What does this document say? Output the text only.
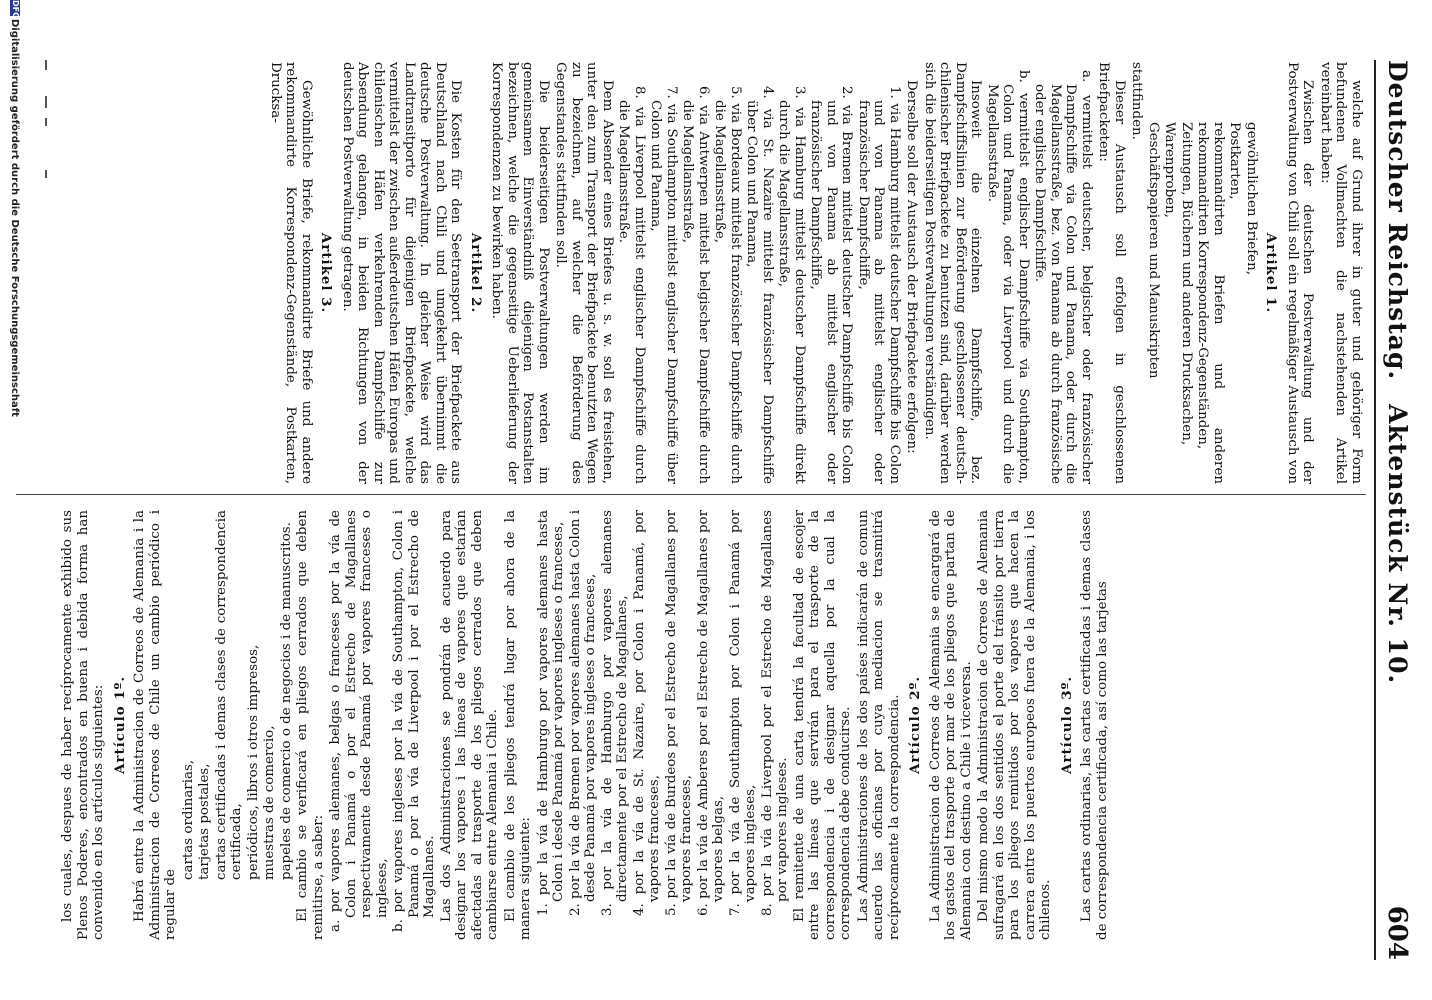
Deutscher Reichstag.Aktenstück Nr. 10.
604

welche auf Grund ihrer in guter und gehöriger Form befundenen Vollmachten die nachstehenden Artikel vereinbart haben:

Zwischen der deutschen Postverwaltung und der Postverwaltung von Chili soll ein regelmäßiger Austausch von

Artikel 1.
gewöhnlichen Briefen,
Postkarten,
rekommandirten Briefen und anderen rekommandirten Korrespondenz-Gegenständen,
Zeitungen, Büchern und anderen Drucksachen,
Warenproben,
Geschäftspapieren und Manuskripten

stattfinden.

Dieser Austausch soll erfolgen in geschlossenen Briefpacketen:

a. vermittelst deutscher, belgischer oder französischer Dampfschiffe via Colon und Panama, oder durch die Magellansstraße, bez. von Panama ab durch französische oder englische Dampfschiffe.
b. vermittelst englischer Dampfschiffe via Southampton, Colon und Panama, oder via Liverpool und durch die Magellansstraße.

Insoweit die einzelnen Dampfschiffe, bez. Dampfschiffslinien zur Beförderung geschlossener deutsch-chilenischer Briefpackete zu benutzen sind, darüber werden sich die beiderseitigen Postverwaltungen verständigen.

Derselbe soll der Austausch der Briefpackete erfolgen:

1. via Hamburg mittelst deutscher Dampfschiffe bis Colon und von Panama ab mittelst englischer oder französischer Dampfschiffe,
2. via Bremen mittelst deutscher Dampfschiffe bis Colon und von Panama ab mittelst englischer oder französischer Dampfschiffe,
3. via Hamburg mittelst deutscher Dampfschiffe direkt durch die Magellansstraße,
4. via St. Nazaire mittelst französischer Dampfschiffe über Colon und Panama,
5. via Bordeaux mittelst französischer Dampfschiffe durch die Magellansstraße,
6. via Antwerpen mittelst belgischer Dampfschiffe durch die Magellansstraße,
7. via Southampton mittelst englischer Dampfschiffe über Colon und Panama,
8. via Liverpool mittelst englischer Dampfschiffe durch die Magellansstraße.

Dem Absender eines Briefes u. s. w. soll es freistehen, unter den zum Transport der Briefpackete benutzten Wegen zu bezeichnen, auf welcher die Beförderung des Gegenstandes stattfinden soll.

Die beiderseitigen Postverwaltungen werden im gemeinsamen Einverständniß diejenigen Postanstalten bezeichnen, welche die gegenseitige Ueberlieferung der Korrespondenzen zu bewirken haben.

Artikel 2.

Die Kosten für den Seetransport der Briefpackete aus Deutschland nach Chili und umgekehrt übernimmt die deutsche Postverwaltung. In gleicher Weise wird das Landtransitporto für diejenigen Briefpackete, welche vermittelst der zwischen außerdeutschen Häfen Europas und chilenischen Häfen verkehrenden Dampfschiffe zur Absendung gelangen, in beiden Richtungen von der deutschen Postverwaltung getragen.

Artikel 3.

Gewöhnliche Briefe, rekommandirte Briefe und andere rekommandirte Korrespondenz-Gegenstände, Postkarten, Drucksa-

los cuales, despues de haber recíprocamente exhibido sus Plenos Poderes, encontrados en buena i debida forma han convenido en los artículos siguientes: Artículo 1º. Habrá entre la Administracion de Correos de Alemania i la Administracion de Correos de Chile un cambio periódico i regular de

cartas ordinarias, tarjetas postales, cartas certificadas i demas clases de correspondencia certificada, periódicos, libros i otros impresos, muestras de comercio, papeles de comercio o de negocios i de manuscritos. El cambio se verificará en pliegos cerrados que deben remitirse, a saber: a. por vapores alemanes, belgas o franceses por la vía de Colon i Panamá o por el Estrecho de Magallanes respectivamente desde Panamá por vapores franceses o ingleses, b. por vapores ingleses por la vía de Southampton, Colon i Panamá o por la vía de Liverpool i por el Estrecho de Magallanes. Las dos Administraciones se pondrán de acuerdo para designar los vapores i las líneas de vapores que estarían afectadas al trasporte de los pliegos cerrados que deben cambiarse entre Alemania i Chile. El cambio de los pliegos tendrá lugar por ahora de la manera siguiente: 1. por la vía de Hamburgo por vapores alemanes hasta Colon i desde Panamá por vapores ingleses o franceses, 2. por la vía de Bremen por vapores alemanes hasta Colon i desde Panamá por vapores ingleses o franceses, 3. por la vía de Hamburgo por vapores alemanes directamente por el Estrecho de Magallanes, 4. por la vía de St. Nazaire, por Colon i Panamá, por vapores franceses, 5. por la vía de Burdeos por el Estrecho de Magallanes por vapores franceses, 6. por la vía de Amberes por el Estrecho de Magallanes por vapores belgas, 7. por la vía de Southampton por Colon i Panamá por vapores ingleses, 8. por la vía de Liverpool por el Estrecho de Magallanes por vapores ingleses. El remitente de una carta tendrá la facultad de escojer entre las líneas que servirán para el trasporte de la correspondencia i de designar aquella por la cual la correspondencia debe conducirse. Las Administraciones de los dos países indicarán de comun acuerdo las oficinas por cuya mediacion se trasmitirá recíprocamente la correspondencia. Artículo 2º. La Administracion de Correos de Alemania se encargará de los gastos del trasporte por mar de los pliegos que partan de Alemania con destino a Chile i viceversa. Del mismo modo la Administracion de Correos de Alemania sufragará en los dos sentidos el porte del tránsito por tierra para los pliegos remitidos por los vapores que hacen la carrera entre los puertos europeos fuera de la Alemania, i los chilenos.

Artículo 3º. Las cartas ordinarias, las cartas certificadas i demas clases de correspondencia certificada, así como las tarjetas

DFGDigitalisierung gefördert durch die Deutsche Forschungsgemeinschaft
